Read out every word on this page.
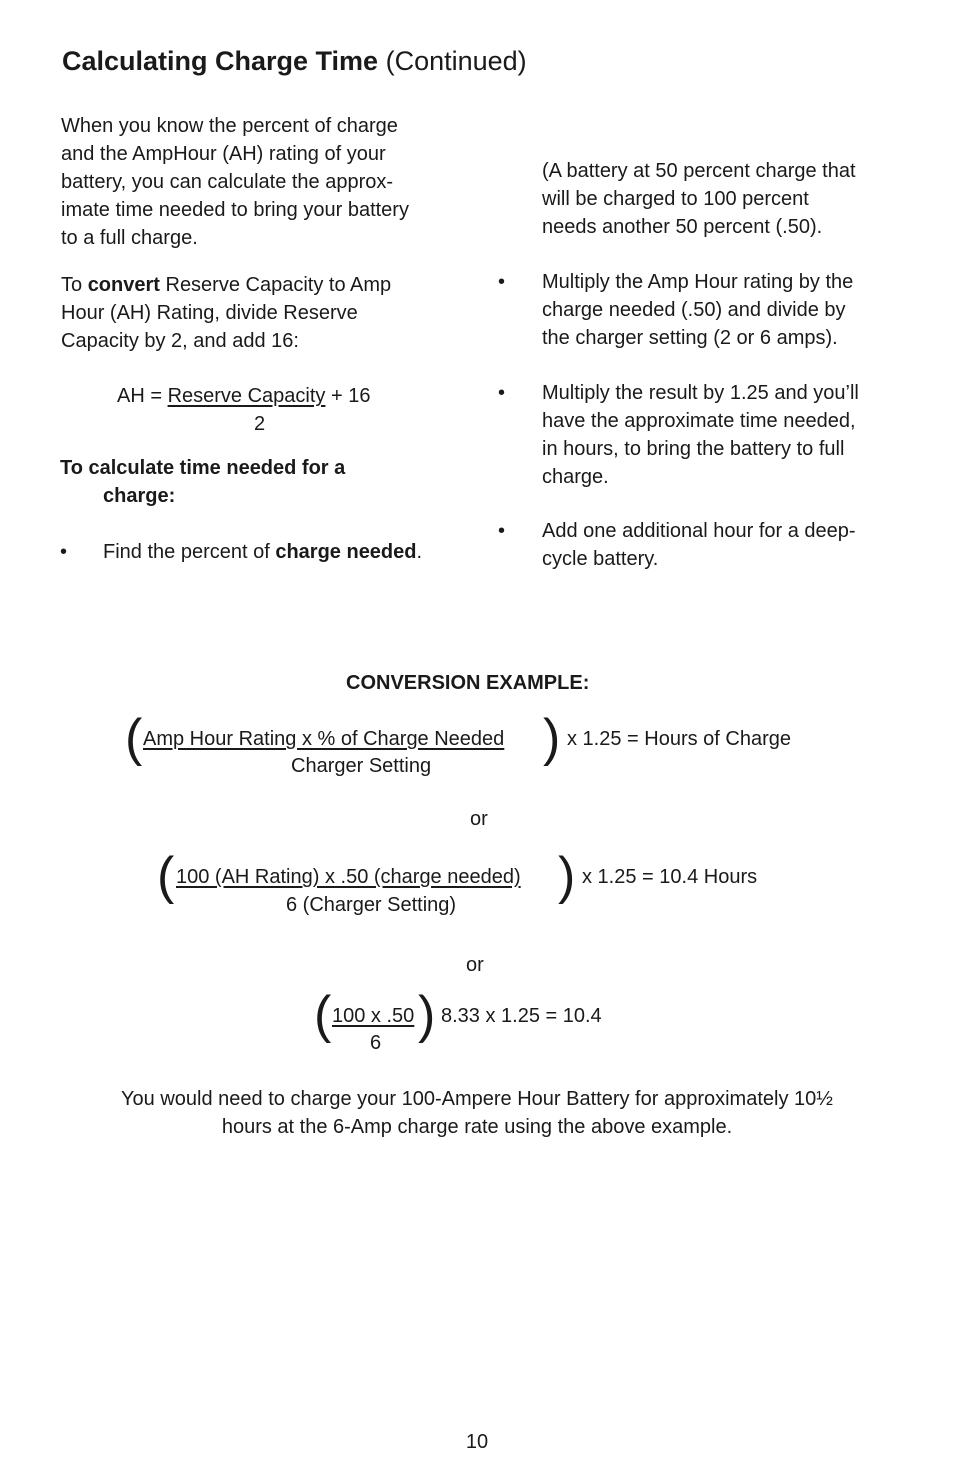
Calculating Charge Time (Continued)
When you know the percent of charge
and the AmpHour (AH) rating of your
battery, you can calculate the approx-
imate time needed to bring your battery
to a full charge.
To convert Reserve Capacity to Amp
Hour (AH) Rating, divide Reserve
Capacity by 2, and add 16:
AH = Reserve Capacity + 16
2
To calculate time needed for a
charge:
• Find the percent of charge needed.
(A battery at 50 percent charge that
will be charged to 100 percent
needs another 50 percent (.50).
• Multiply the Amp Hour rating by the
charge needed (.50) and divide by
the charger setting (2 or 6 amps).
• Multiply the result by 1.25 and you’ll
have the approximate time needed,
in hours, to bring the battery to full
charge.
• Add one additional hour for a deep-
cycle battery.
CONVERSION EXAMPLE:
( Amp Hour Rating x % of Charge Needed
Charger Setting ) x 1.25 = Hours of Charge
or
( 100 (AH Rating) x .50 (charge needed)
6 (Charger Setting) ) x 1.25 = 10.4 Hours
or
( 100 x .50
6 ) 8.33 x 1.25 = 10.4
You would need to charge your 100-Ampere Hour Battery for approximately 10½
hours at the 6-Amp charge rate using the above example.
10
